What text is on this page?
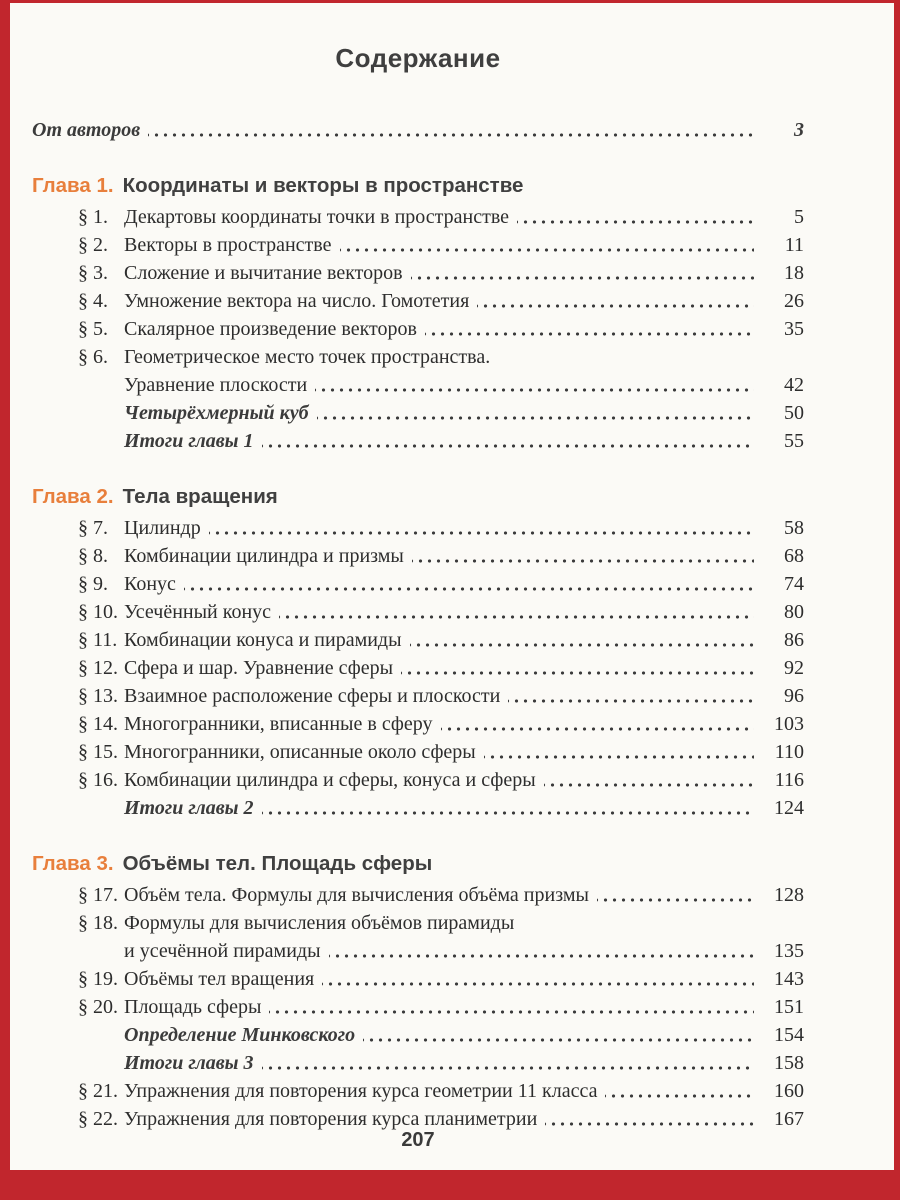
Содержание
От авторов	3
Глава 1. Координаты и векторы в пространстве
§ 1. Декартовы координаты точки в пространстве	5
§ 2. Векторы в пространстве	11
§ 3. Сложение и вычитание векторов	18
§ 4. Умножение вектора на число. Гомотетия	26
§ 5. Скалярное произведение векторов	35
§ 6. Геометрическое место точек пространства.
Уравнение плоскости	42
Четырёхмерный куб	50
Итоги главы 1	55
Глава 2. Тела вращения
§ 7. Цилиндр	58
§ 8. Комбинации цилиндра и призмы	68
§ 9. Конус	74
§ 10. Усечённый конус	80
§ 11. Комбинации конуса и пирамиды	86
§ 12. Сфера и шар. Уравнение сферы	92
§ 13. Взаимное расположение сферы и плоскости	96
§ 14. Многогранники, вписанные в сферу	103
§ 15. Многогранники, описанные около сферы	110
§ 16. Комбинации цилиндра и сферы, конуса и сферы	116
Итоги главы 2	124
Глава 3. Объёмы тел. Площадь сферы
§ 17. Объём тела. Формулы для вычисления объёма призмы	128
§ 18. Формулы для вычисления объёмов пирамиды
и усечённой пирамиды	135
§ 19. Объёмы тел вращения	143
§ 20. Площадь сферы	151
Определение Минковского	154
Итоги главы 3	158
§ 21. Упражнения для повторения курса геометрии 11 класса	160
§ 22. Упражнения для повторения курса планиметрии	167
207
